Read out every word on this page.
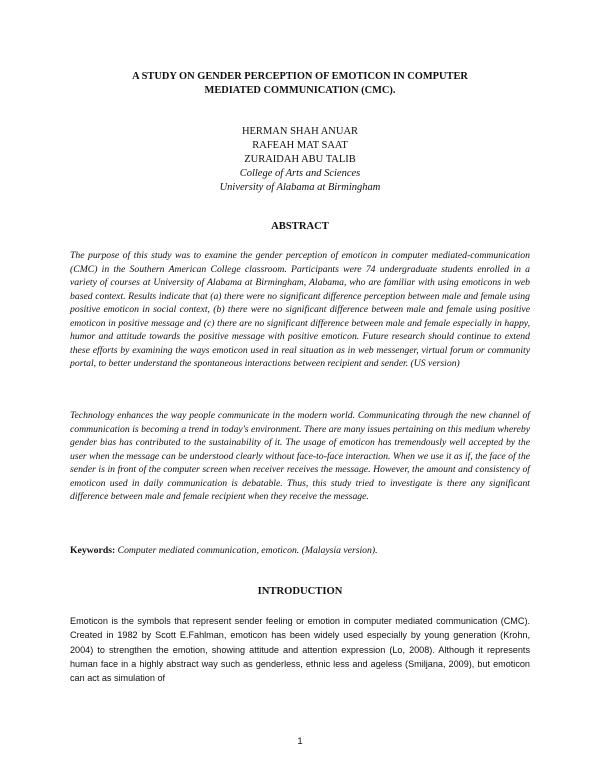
A STUDY ON GENDER PERCEPTION OF EMOTICON IN COMPUTER
MEDIATED COMMUNICATION (CMC).
HERMAN SHAH ANUAR
RAFEAH MAT SAAT
ZURAIDAH ABU TALIB
College of Arts and Sciences
University of Alabama at Birmingham
ABSTRACT
The purpose of this study was to examine the gender perception of emoticon in computer mediated-communication (CMC) in the Southern American College classroom. Participants were 74 undergraduate students enrolled in a variety of courses at University of Alabama at Birmingham, Alabama, who are familiar with using emoticons in web based context. Results indicate that (a) there were no significant difference perception between male and female using positive emoticon in social context, (b) there were no significant difference between male and female using positive emoticon in positive message and (c) there are no significant difference between male and female especially in happy, humor and attitude towards the positive message with positive emoticon. Future research should continue to extend these efforts by examining the ways emoticon used in real situation as in web messenger, virtual forum or community portal, to better understand the spontaneous interactions between recipient and sender. (US version)
Technology enhances the way people communicate in the modern world. Communicating through the new channel of communication is becoming a trend in today's environment. There are many issues pertaining on this medium whereby gender bias has contributed to the sustainability of it. The usage of emoticon has tremendously well accepted by the user when the message can be understood clearly without face-to-face interaction. When we use it as if, the face of the sender is in front of the computer screen when receiver receives the message. However, the amount and consistency of emoticon used in daily communication is debatable. Thus, this study tried to investigate is there any significant difference between male and female recipient when they receive the message.
Keywords: Computer mediated communication, emoticon. (Malaysia version).
INTRODUCTION
Emoticon is the symbols that represent sender feeling or emotion in computer mediated communication (CMC). Created in 1982 by Scott E.Fahlman, emoticon has been widely used especially by young generation (Krohn, 2004) to strengthen the emotion, showing attitude and attention expression (Lo, 2008). Although it represents human face in a highly abstract way such as genderless, ethnic less and ageless (Smiljana, 2009), but emoticon can act as simulation of
1
